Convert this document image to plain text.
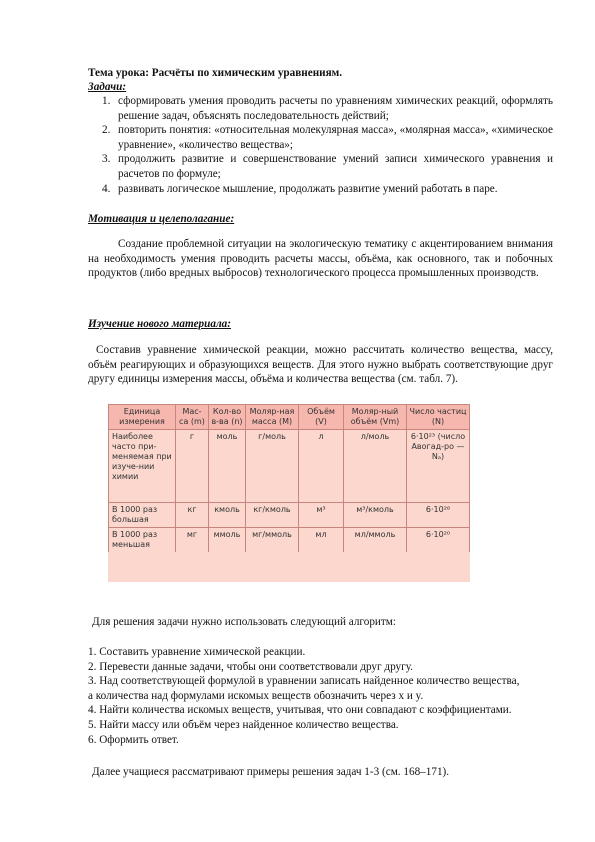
Тема урока: Расчёты по химическим уравнениям.
Задачи:
1. сформировать умения проводить расчеты по уравнениям химических реакций, оформлять решение задач, объяснять последовательность действий;
2. повторить понятия: «относительная молекулярная масса», «молярная масса», «химическое уравнение», «количество вещества»;
3. продолжить развитие и совершенствование умений записи химического уравнения и расчетов по формуле;
4. развивать логическое мышление, продолжать развитие умений работать в паре.
Мотивация и целеполагание:
Создание проблемной ситуации на экологическую тематику с акцентированием внимания на необходимость умения проводить расчеты массы, объёма, как основного, так и побочных продуктов (либо вредных выбросов) технологического процесса промышленных производств.
Изучение нового материала:
Составив уравнение химической реакции, можно рассчитать количество вещества, массу, объём реагирующих и образующихся веществ. Для этого нужно выбрать соответствующие друг другу единицы измерения массы, объёма и количества вещества (см. табл. 7).
Единица измерения	Мас-са (m)	Кол-во в-ва (n)	Моляр-ная масса (M)	Объём (V)	Моляр-ный объём (Vm)	Число частиц (N)
Наиболее часто при-меняемая при изуче-нии химии	г	моль	г/моль	л	л/моль	6·10²³ (число Авогад-ро — Nₐ)
В 1000 раз большая	кг	кмоль	кг/кмоль	м³	м³/кмоль	6·10²⁶
В 1000 раз меньшая	мг	ммоль	мг/ммоль	мл	мл/ммоль	6·10²⁰
Для решения задачи нужно использовать следующий алгоритм:
1. Составить уравнение химической реакции.
2. Перевести данные задачи, чтобы они соответствовали друг другу.
3. Над соответствующей формулой в уравнении записать найденное количество вещества,
а количества над формулами искомых веществ обозначить через x и y.
4. Найти количества искомых веществ, учитывая, что они совпадают с коэффициентами.
5. Найти массу или объём через найденное количество вещества.
6. Оформить ответ.
Далее учащиеся рассматривают примеры решения задач 1-3 (см. 168–171).
